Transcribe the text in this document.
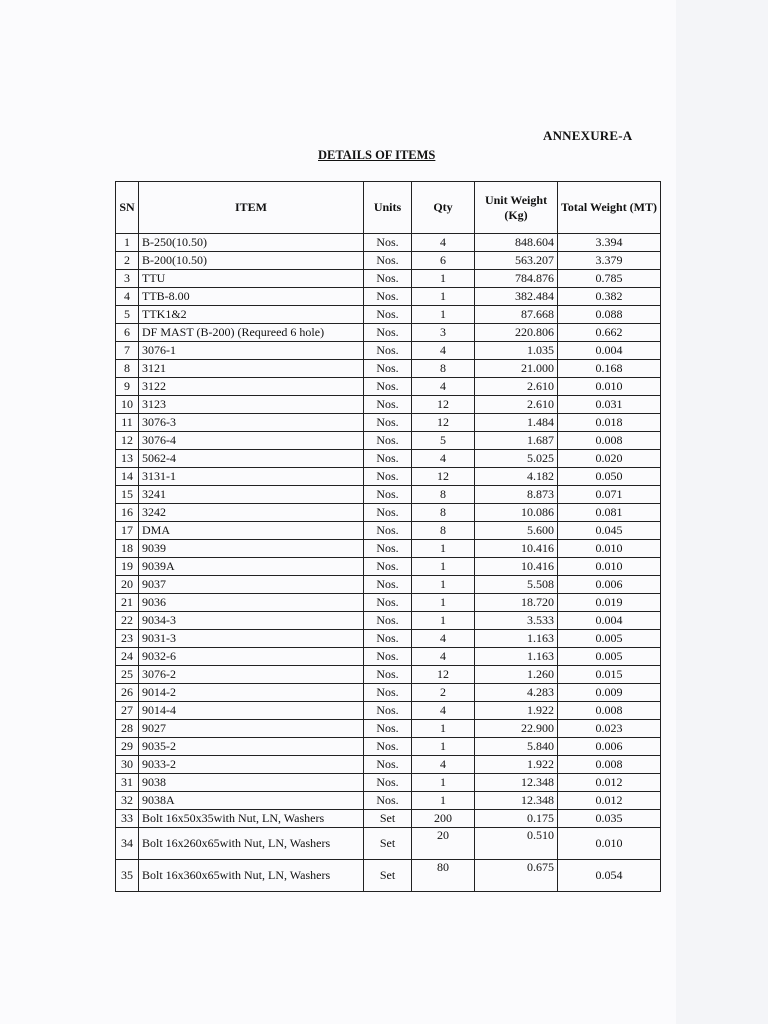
ANNEXURE-A
DETAILS OF ITEMS
SN	ITEM	Units	Qty	Unit Weight (Kg)	Total Weight (MT)
1	B-250(10.50)	Nos.	4	848.604	3.394
2	B-200(10.50)	Nos.	6	563.207	3.379
3	TTU	Nos.	1	784.876	0.785
4	TTB-8.00	Nos.	1	382.484	0.382
5	TTK1&2	Nos.	1	87.668	0.088
6	DF MAST (B-200) (Requreed 6 hole)	Nos.	3	220.806	0.662
7	3076-1	Nos.	4	1.035	0.004
8	3121	Nos.	8	21.000	0.168
9	3122	Nos.	4	2.610	0.010
10	3123	Nos.	12	2.610	0.031
11	3076-3	Nos.	12	1.484	0.018
12	3076-4	Nos.	5	1.687	0.008
13	5062-4	Nos.	4	5.025	0.020
14	3131-1	Nos.	12	4.182	0.050
15	3241	Nos.	8	8.873	0.071
16	3242	Nos.	8	10.086	0.081
17	DMA	Nos.	8	5.600	0.045
18	9039	Nos.	1	10.416	0.010
19	9039A	Nos.	1	10.416	0.010
20	9037	Nos.	1	5.508	0.006
21	9036	Nos.	1	18.720	0.019
22	9034-3	Nos.	1	3.533	0.004
23	9031-3	Nos.	4	1.163	0.005
24	9032-6	Nos.	4	1.163	0.005
25	3076-2	Nos.	12	1.260	0.015
26	9014-2	Nos.	2	4.283	0.009
27	9014-4	Nos.	4	1.922	0.008
28	9027	Nos.	1	22.900	0.023
29	9035-2	Nos.	1	5.840	0.006
30	9033-2	Nos.	4	1.922	0.008
31	9038	Nos.	1	12.348	0.012
32	9038A	Nos.	1	12.348	0.012
33	Bolt 16x50x35with Nut, LN, Washers	Set	200	0.175	0.035
34	Bolt 16x260x65with Nut, LN, Washers	Set	20	0.510	0.010
35	Bolt 16x360x65with Nut, LN, Washers	Set	80	0.675	0.054
